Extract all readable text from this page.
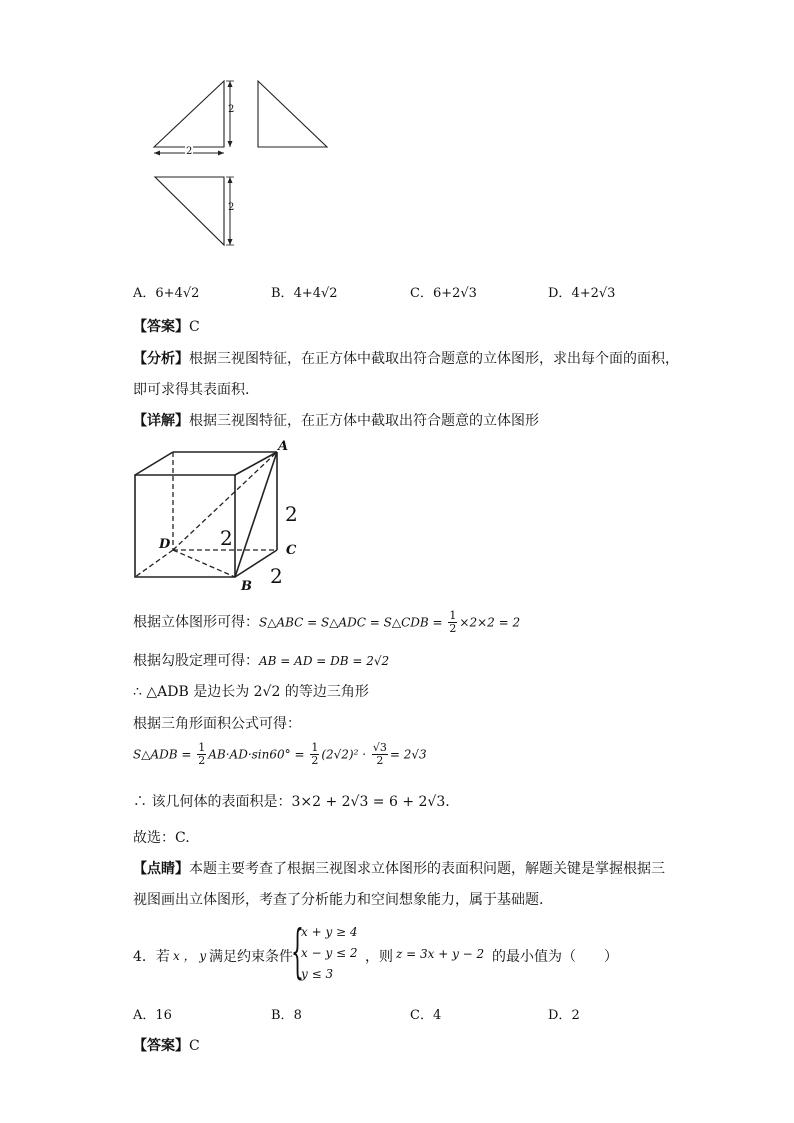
2
2
2
A．6+4√2	B．4+4√2	C．6+2√3	D．4+2√3
【答案】C
【分析】根据三视图特征，在正方体中截取出符合题意的立体图形，求出每个面的面积，
即可求得其表面积.
【详解】根据三视图特征，在正方体中截取出符合题意的立体图形
A
B
C
D 2
2
2
根据立体图形可得：S△ABC = S△ADC = S△CDB = $\frac{1}{2} \times 2\times 2 = 2$
根据勾股定理可得：AB = AD = DB = 2√2
∴ △ADB 是边长为 2√2 的等边三角形
根据三角形面积公式可得：
S△ADB = $\frac{1}{2} AB\cdot AD\cdot\sin 60^\circ = \frac{1}{2} (2√2)^2 \cdot \frac{√3}{2} = 2√3$
∴ 该几何体的表面积是：3×2 + 2√3 = 6 + 2√3.
故选：C.
【点睛】本题主要考查了根据三视图求立体图形的表面积问题，解题关键是掌握根据三
视图画出立体图形，考查了分析能力和空间想象能力，属于基础题.
4．若 x ， y 满足约束条件
{
x + y ≥ 4
x − y ≤ 2
y ≤ 3
，则 z = 3x + y − 2 的最小值为（　　）
A．16	B．8	C．4	D．2
【答案】C
